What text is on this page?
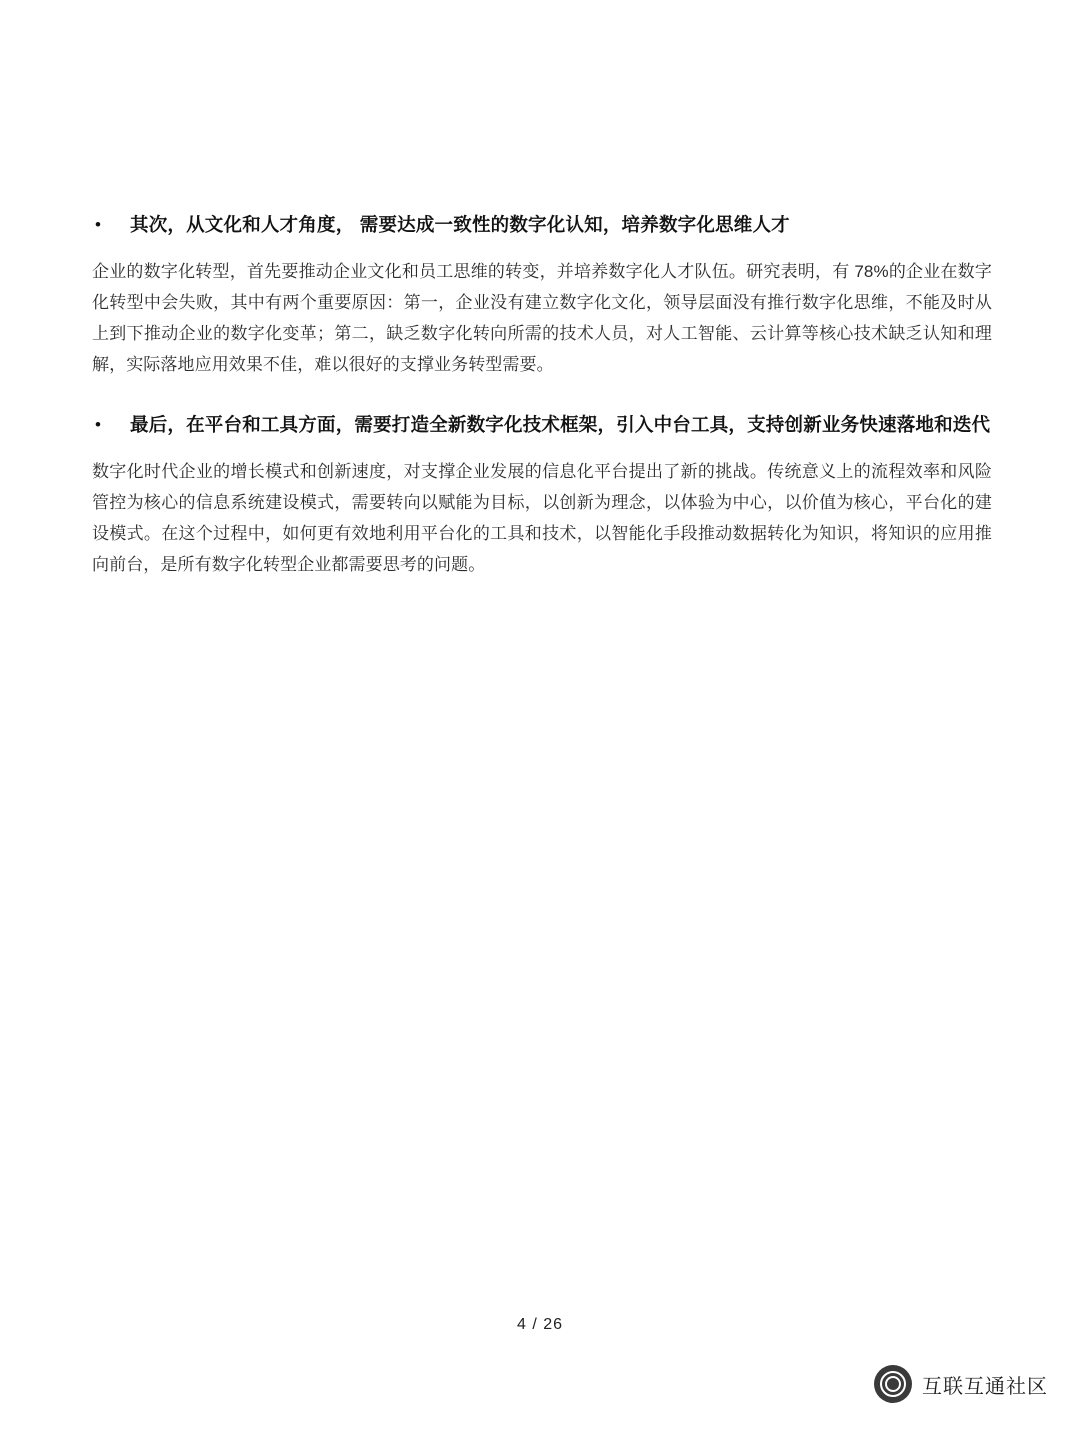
•	其次，从文化和人才角度， 需要达成一致性的数字化认知，培养数字化思维人才

企业的数字化转型，首先要推动企业文化和员工思维的转变，并培养数字化人才队伍。研究表明，有 78%的企业在数字化转型中会失败，其中有两个重要原因：第一，企业没有建立数字化文化，领导层面没有推行数字化思维，不能及时从上到下推动企业的数字化变革；第二，缺乏数字化转向所需的技术人员，对人工智能、云计算等核心技术缺乏认知和理解，实际落地应用效果不佳，难以很好的支撑业务转型需要。

•	最后，在平台和工具方面，需要打造全新数字化技术框架，引入中台工具，支持创新业务快速落地和迭代

数字化时代企业的增长模式和创新速度，对支撑企业发展的信息化平台提出了新的挑战。传统意义上的流程效率和风险管控为核心的信息系统建设模式，需要转向以赋能为目标，以创新为理念，以体验为中心，以价值为核心，平台化的建设模式。在这个过程中，如何更有效地利用平台化的工具和技术，以智能化手段推动数据转化为知识，将知识的应用推向前台，是所有数字化转型企业都需要思考的问题。

4 / 26
互联互通社区
